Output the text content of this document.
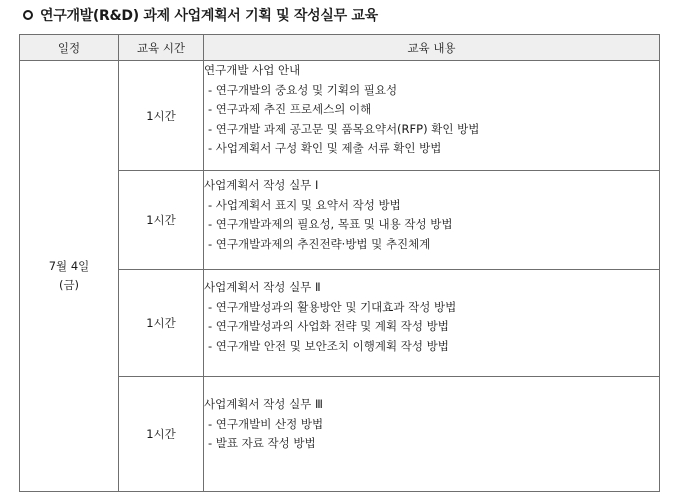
연구개발(R&D) 과제 사업계획서 기획 및 작성실무 교육
일정	교육 시간	교육 내용
7월 4일
(금)	1시간	연구개발 사업 안내
- 연구개발의 중요성 및 기획의 필요성
- 연구과제 추진 프로세스의 이해
- 연구개발 과제 공고문 및 품목요약서(RFP) 확인 방법
- 사업계획서 구성 확인 및 제출 서류 확인 방법

	1시간	사업계획서 작성 실무 Ⅰ
- 사업계획서 표지 및 요약서 작성 방법
- 연구개발과제의 필요성, 목표 및 내용 작성 방법
- 연구개발과제의 추진전략·방법 및 추진체계

	1시간	사업계획서 작성 실무 Ⅱ
- 연구개발성과의 활용방안 및 기대효과 작성 방법
- 연구개발성과의 사업화 전략 및 계획 작성 방법
- 연구개발 안전 및 보안조치 이행계획 작성 방법

	1시간	사업계획서 작성 실무 Ⅲ
- 연구개발비 산정 방법
- 발표 자료 작성 방법
